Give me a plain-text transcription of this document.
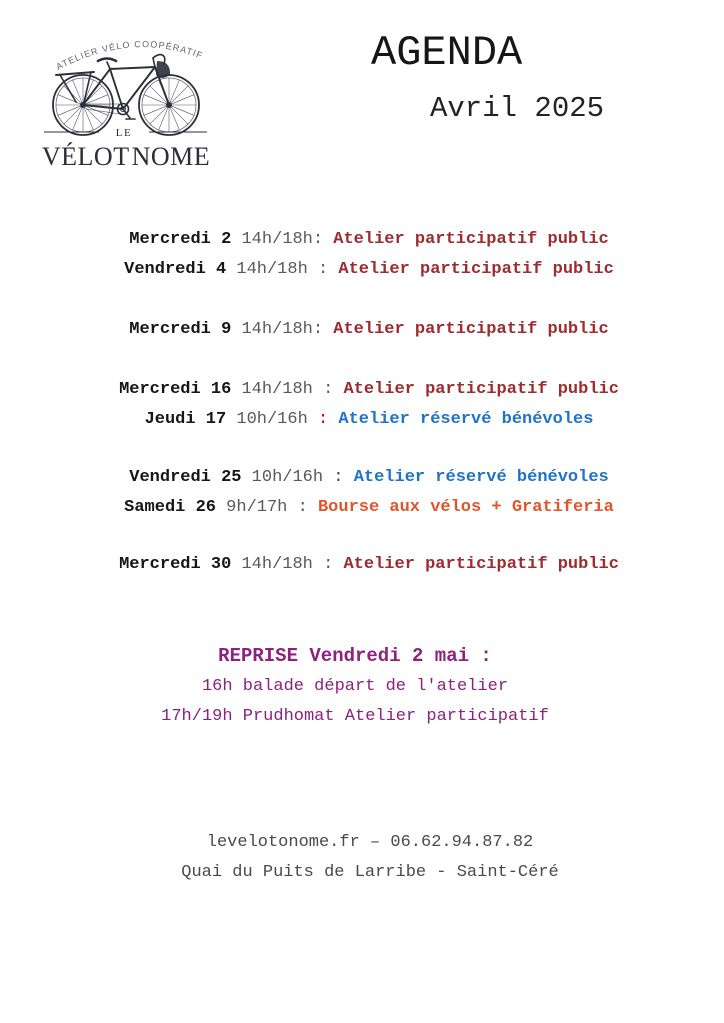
ATELIER VÉLO COOPÉRATIF
LE
VÉLOT NOME
AGENDA
Avril 2025
Mercredi 2 14h/18h: Atelier participatif public
Vendredi 4 14h/18h : Atelier participatif public
Mercredi 9 14h/18h: Atelier participatif public
Mercredi 16 14h/18h : Atelier participatif public
Jeudi 17 10h/16h : Atelier réservé bénévoles
Vendredi 25 10h/16h : Atelier réservé bénévoles
Samedi 26 9h/17h : Bourse aux vélos + Gratiferia
Mercredi 30 14h/18h : Atelier participatif public
REPRISE Vendredi 2 mai :
16h balade départ de l'atelier
17h/19h Prudhomat Atelier participatif
levelotonome.fr – 06.62.94.87.82
Quai du Puits de Larribe - Saint-Céré
